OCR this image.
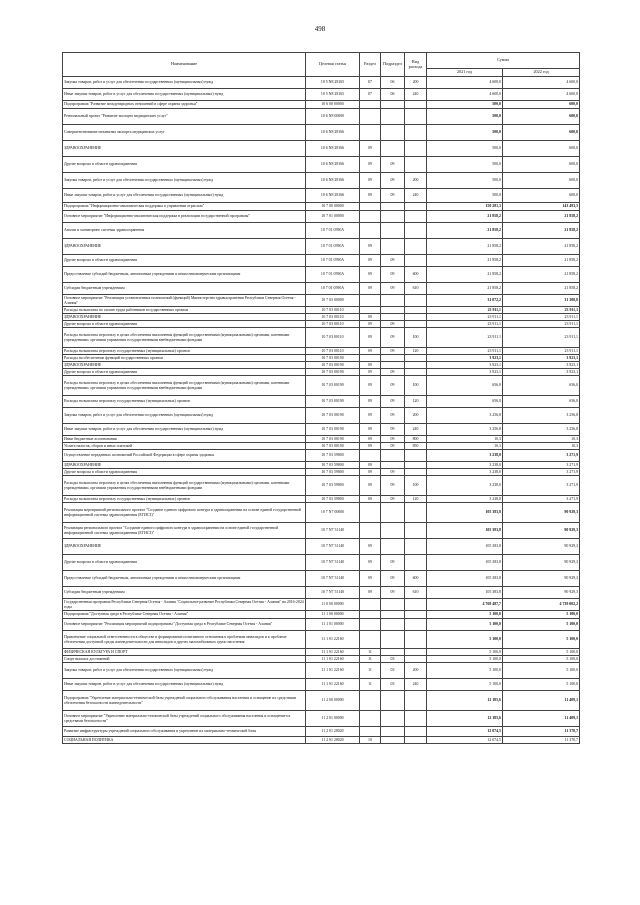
498
Наименование	Целевая статья	Раздел	Подраздел	Вид расхода	Сумма	
					2021 год	2022 год
Закупка товаров, работ и услуг для обеспечения государственных (муниципальных) нужд	10 5 N8 28165	07	06	200	4 600,0	4 600,0
Иные закупки товаров, работ и услуг для обеспечения государственных (муниципальных) нужд	10 5 N8 28165	07	06	240	4 600,0	4 600,0
Подпрограмма "Развитие международных отношений в сфере охраны здоровья"	10 6 00 00000				500,0	600,0
Региональный проект "Развитие экспорта медицинских услуг"	10 6 N8 00000				500,0	600,0
Совершенствование механизма экспорта медицинских услуг	10 6 N8 28166				500,0	600,0
ЗДРАВООХРАНЕНИЕ	10 6 N8 28166	09			500,0	600,0
Другие вопросы в области здравоохранения	10 6 N8 28166	09	09		500,0	600,0
Закупка товаров, работ и услуг для обеспечения государственных (муниципальных) нужд	10 6 N8 28166	09	09	200	500,0	600,0
Иные закупки товаров, работ и услуг для обеспечения государственных (муниципальных) нужд	10 6 N8 28166	09	09	240	500,0	600,0
Подпрограмма "Информационно-аналитическая поддержка в управлении отраслью"	10 7 00 00000				150 281,3	143 493,5
Основное мероприятие "Информационно-аналитическая поддержка в реализации государственной программы"	10 7 01 00000				21 858,2	21 858,2
Анализ и мониторинг системы здравоохранения	10 7 01 0590A				21 858,2	21 858,2
ЗДРАВООХРАНЕНИЕ	10 7 01 0590A	09			21 858,2	21 858,2
Другие вопросы в области здравоохранения	10 7 01 0590A	09	09		21 858,2	21 858,2
Предоставление субсидий бюджетным, автономным учреждениям и иным некоммерческим организациям	10 7 01 0590A	09	09	600	21 858,2	21 858,2
Субсидии бюджетным учреждениям	10 7 01 0590A	09	09	610	21 858,2	21 858,2
Основное мероприятие "Реализация установленных полномочий (функций) Министерства здравоохранения Республики Северная Осетия - Алания"	10 7 03 00000				31 072,2	31 300,8
Расходы на выплаты по оплате труда работников государственных органов	10 7 03 00110				23 911,1	23 911,1
ЗДРАВООХРАНЕНИЕ	10 7 03 00110	09			23 911,1	23 911,1
Другие вопросы в области здравоохранения	10 7 03 00110	09	09		23 911,1	23 911,1
Расходы на выплаты персоналу в целях обеспечения выполнения функций государственными (муниципальными) органами, казенными учреждениями, органами управления государственными внебюджетными фондами	10 7 03 00110	09	09	100	23 911,1	23 911,1
Расходы на выплаты персоналу государственных (муниципальных) органов	10 7 03 00110	09	09	120	23 911,1	23 911,1
Расходы на обеспечение функций государственных органов	10 7 03 00190				3 923,1	3 923,1
ЗДРАВООХРАНЕНИЕ	10 7 03 00190	09			3 923,1	3 923,1
Другие вопросы в области здравоохранения	10 7 03 00190	09	09		3 923,1	3 923,1
Расходы на выплаты персоналу в целях обеспечения выполнения функций государственными (муниципальными) органами, казенными учреждениями, органами управления государственными внебюджетными фондами	10 7 03 00190	09	09	100	656,0	656,0
Расходы на выплаты персоналу государственных (муниципальных) органов	10 7 03 00190	09	09	120	656,0	656,0
Закупка товаров, работ и услуг для обеспечения государственных (муниципальных) нужд	10 7 03 00190	09	09	200	3 256,8	3 256,8
Иные закупки товаров, работ и услуг для обеспечения государственных (муниципальных) нужд	10 7 03 00190	09	09	240	3 256,8	3 256,8
Иные бюджетные ассигнования	10 7 03 00190	09	09	800	10,3	10,3
Уплата налогов, сборов и иных платежей	10 7 03 00190	09	09	850	10,3	10,3
Осуществление переданных полномочий Российской Федерации в сфере охраны здоровья	10 7 03 59800				3 238,0	3 271,9
ЗДРАВООХРАНЕНИЕ	10 7 03 59800	09			3 238,0	3 271,9
Другие вопросы в области здравоохранения	10 7 03 59800	09	09		3 238,0	3 271,9
Расходы на выплаты персоналу в целях обеспечения выполнения функций государственными (муниципальными) органами, казенными учреждениями, органами управления государственными внебюджетными фондами	10 7 03 59800	09	09	100	3 238,0	3 271,9
Расходы на выплаты персоналу государственных (муниципальных) органов	10 7 03 59800	09	09	120	3 238,0	3 271,9
Реализация мероприятий регионального проекта "Создание единого цифрового контура в здравоохранении на основе единой государственной информационной системы здравоохранения (ЕГИСЗ)"	10 7 N7 00000				105 383,8	90 929,3
Реализация регионального проекта "Создание единого цифрового контура в здравоохранении на основе единой государственной информационной системы здравоохранения (ЕГИСЗ)"	10 7 N7 51140				105 383,8	90 929,3
ЗДРАВООХРАНЕНИЕ	10 7 N7 51140	09			105 383,8	90 929,3
Другие вопросы в области здравоохранения	10 7 N7 51140	09	09		105 383,8	90 929,3
Предоставление субсидий бюджетным, автономным учреждениям и иным некоммерческим организациям	10 7 N7 51140	09	09	600	105 383,8	90 929,3
Субсидии бюджетным учреждениям	10 7 N7 51140	09	09	610	105 383,8	90 929,3
Государственная программа Республики Северная Осетия - Алания "Социальное развитие Республики Северная Осетия - Алания" на 2016-2024 годы	11 0 00 00000				4 768 487,7	4 739 002,2
Подпрограмма "Доступная среда в Республике Северная Осетия - Алания"	11 1 00 00000				5 100,0	5 100,0
Основное мероприятие "Реализация мероприятий подпрограммы "Доступная среда в Республике Северная Осетия - Алания"	11 1 01 00000				5 100,0	5 100,0
Привлечение социальной ответственности в обществе и формирование позитивного отношения к проблемам инвалидов и к проблеме обеспечения доступной среды жизнедеятельности для инвалидов и других маломобильных групп населения	11 1 01 22160				5 100,0	5 100,0
ФИЗИЧЕСКАЯ КУЛЬТУРА И СПОРТ	11 1 01 22160	11			5 100,0	5 100,0
Спорт высших достижений	11 1 01 22160	11	03		5 100,0	5 100,0
Закупка товаров, работ и услуг для обеспечения государственных (муниципальных) нужд	11 1 01 22160	11	03	200	5 100,0	5 100,0
Иные закупки товаров, работ и услуг для обеспечения государственных (муниципальных) нужд	11 1 01 22160	11	03	240	5 100,0	5 100,0
Подпрограмма "Укрепление материально-технической базы учреждений социального обслуживания населения и оснащение их средствами обеспечения безопасности жизнедеятельности"	11 2 00 00000				12 185,6	11 409,1
Основное мероприятие "Укрепление материально-технической базы учреждений социального обслуживания населения и оснащение их средствами безопасности"	11 2 01 00000				12 185,6	11 409,1
Развитие инфраструктуры учреждений социального обслуживания и укрепление их материально-технической базы	11 2 01 28020				12 074,5	11 370,7
СОЦИАЛЬНАЯ ПОЛИТИКА	11 2 01 28020	10			12 074,5	11 370,7
